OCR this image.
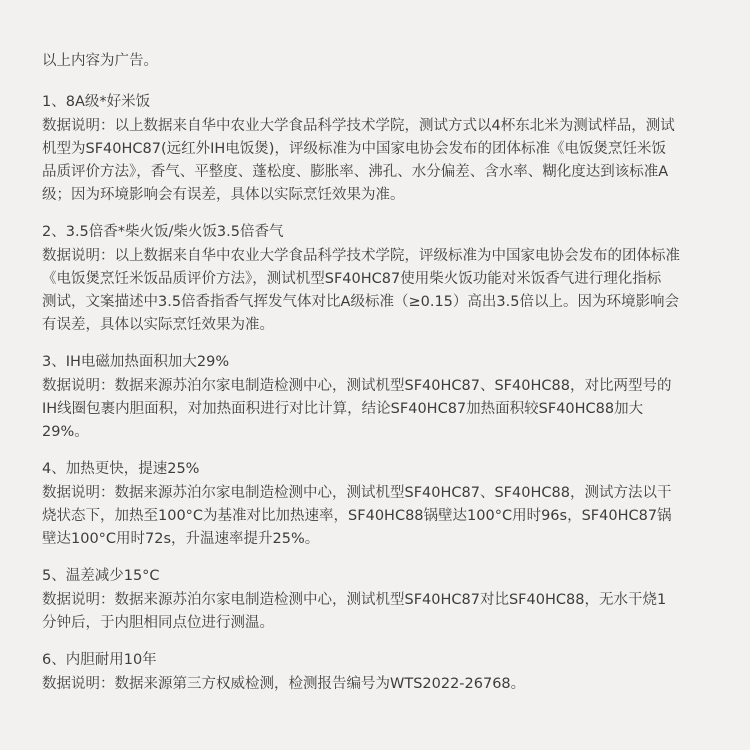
以上内容为广告。

1、8A级*好米饭

数据说明：以上数据来自华中农业大学食品科学技术学院，测试方式以4杯东北米为测试样品，测试
机型为SF40HC87(远红外IH电饭煲)，评级标准为中国家电协会发布的团体标准《电饭煲烹饪米饭
品质评价方法》，香气、平整度、蓬松度、膨胀率、沸孔、水分偏差、含水率、糊化度达到该标准A
级；因为环境影响会有误差，具体以实际烹饪效果为准。

2、3.5倍香*柴火饭/柴火饭3.5倍香气

数据说明：以上数据来自华中农业大学食品科学技术学院，评级标准为中国家电协会发布的团体标准
《电饭煲烹饪米饭品质评价方法》，测试机型SF40HC87使用柴火饭功能对米饭香气进行理化指标
测试，文案描述中3.5倍香指香气挥发气体对比A级标准（≥0.15）高出3.5倍以上。因为环境影响会
有误差，具体以实际烹饪效果为准。

3、IH电磁加热面积加大29%

数据说明：数据来源苏泊尔家电制造检测中心，测试机型SF40HC87、SF40HC88，对比两型号的
IH线圈包裹内胆面积，对加热面积进行对比计算，结论SF40HC87加热面积较SF40HC88加大
29%。

4、加热更快，提速25%

数据说明：数据来源苏泊尔家电制造检测中心，测试机型SF40HC87、SF40HC88，测试方法以干
烧状态下，加热至100°C为基准对比加热速率，SF40HC88锅壁达100°C用时96s，SF40HC87锅
壁达100°C用时72s，升温速率提升25%。

5、温差减少15°C

数据说明：数据来源苏泊尔家电制造检测中心，测试机型SF40HC87对比SF40HC88，无水干烧1
分钟后，于内胆相同点位进行测温。

6、内胆耐用10年

数据说明：数据来源第三方权威检测，检测报告编号为WTS2022-26768。
